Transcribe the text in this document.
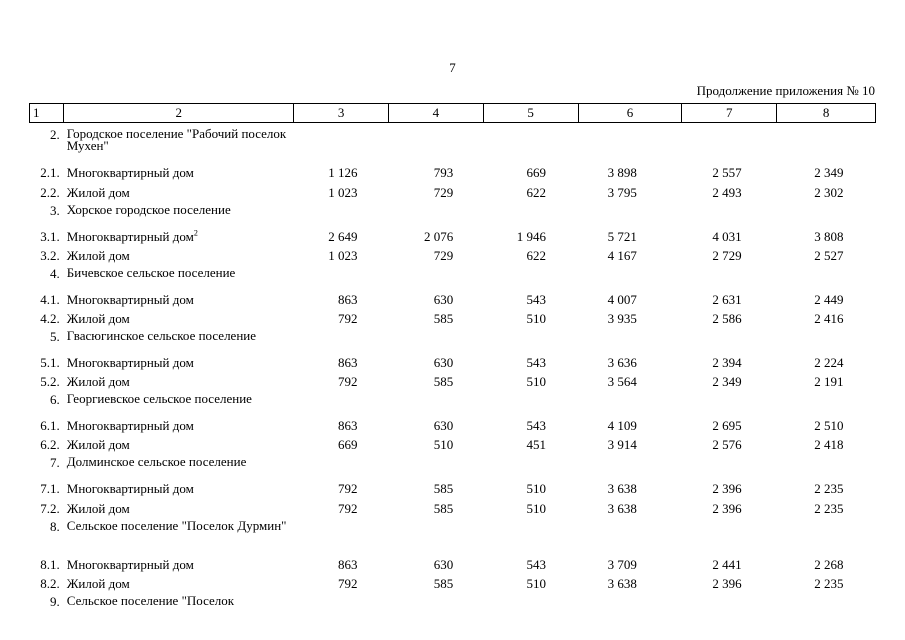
7
Продолжение приложения № 10
1	2	3	4	5	6	7	8
2.	Городское поселение "Рабочий поселок Мухен"						
2.1.	Многоквартирный дом	1 126	793	669	3 898	2 557	2 349
2.2.	Жилой дом	1 023	729	622	3 795	2 493	2 302
3.	Хорское городское поселение						
3.1.	Многоквартирный дом$^2$	2 649	2 076	1 946	5 721	4 031	3 808
3.2.	Жилой дом	1 023	729	622	4 167	2 729	2 527
4.	Бичевское сельское поселение						
4.1.	Многоквартирный дом	863	630	543	4 007	2 631	2 449
4.2.	Жилой дом	792	585	510	3 935	2 586	2 416
5.	Гвасюгинское сельское поселение						
5.1.	Многоквартирный дом	863	630	543	3 636	2 394	2 224
5.2.	Жилой дом	792	585	510	3 564	2 349	2 191
6.	Георгиевское сельское поселение						
6.1.	Многоквартирный дом	863	630	543	4 109	2 695	2 510
6.2.	Жилой дом	669	510	451	3 914	2 576	2 418
7.	Долминское сельское поселение						
7.1.	Многоквартирный дом	792	585	510	3 638	2 396	2 235
7.2.	Жилой дом	792	585	510	3 638	2 396	2 235
8.	Сельское поселение "Поселок Дурмин"						
8.1.	Многоквартирный дом	863	630	543	3 709	2 441	2 268
8.2.	Жилой дом	792	585	510	3 638	2 396	2 235
9.	Сельское поселение "Поселок						
